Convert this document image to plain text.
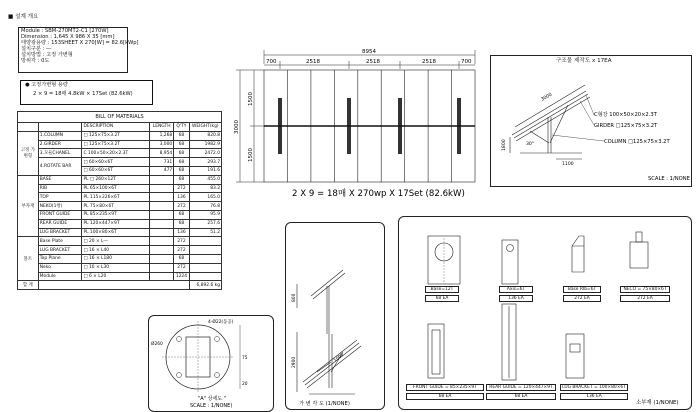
■ 설계 개요
Module : SBM-270MT2-C1 [270W]
Dimension : 1,645 X 986 X 35 [mm]
태양광용량 : 153SHEET X 270[W] = 82.6[kWp]
설치구분 : ―
설치방법 : 고정 가변형
방위각 : 0도
● 고정가변형 용량
2 × 9 = 18매 4.8kW × 17Set (82.6kW)
BILL OF MATERIALS					
		DESCRIPTION	LENGTH	Q'TY	WEIGHT(kg)
고정 가변형	1.COLUMN	□ 125×75×3.2T	1,268	68	820.8
	2.GIRDER	□ 125×75×3.2T	3,000	68	1982.9
	3.모듈CHANEL	C 100×50×20×2.3T	8,954	68	2472.0
	4.ROTATE BAR	□ 60×60×6T	731	68	293.7
		□ 60×60×6T	477	68	191.6
부자재	BASE	PL □ 260×12T		68	455.0
	RIB	PL 65×100×6T		272	83.2
	TOP	PL 115×226×6T		136	165.0
	NEKO(1쌍)	PL 75×80×6T		272	76.8
	FRONT GUIDE	PL 85×235×9T		68	95.9
	REAR GUIDE	PL 120×447×9T		68	257.6
	LUG BRACKET	PL 100×80×6T		136	51.2
볼트	Base Plate	□ 20 × L―		272	
	LUG BRACKET	□ 16 × L40		272	
	Top Plane	□ 16 × L180		68	
	Neko	□ 10 × L30		272	
	Module	□ 6 × L20		1224	
합 계					6,892.6 kg
8954
700	2518	2518	2518	700
3000
1500
1500
2 X 9 = 18매 X 270wp X 17Set (82.6kW)
구조물 제작도 x 17EA
3000
30°
1800
1100
C형강 100×50×20×2.3T
GIRDER □125×75×3.2T
COLUMN □125×75×3.2T
SCALE : 1/NONE
4-Ø22(동공)
Ø260
75
20
"A" 상세도 "
SCALE : 1/NONE)
800
1000
2900
가 변 각 도 (1/NONE)	소부재 (1/NONE)
Base=12T
68 EA
Axis=6T
136 EA
Base RIb=6T
272 EA
NECO = 75×80×6T
272 EA
FRONT GUIDE = 85×235×9T
68 EA
REAR GUIDE = 120×447×9T
68 EA
LUG BRACKET = 100×80×6T
136 EA
